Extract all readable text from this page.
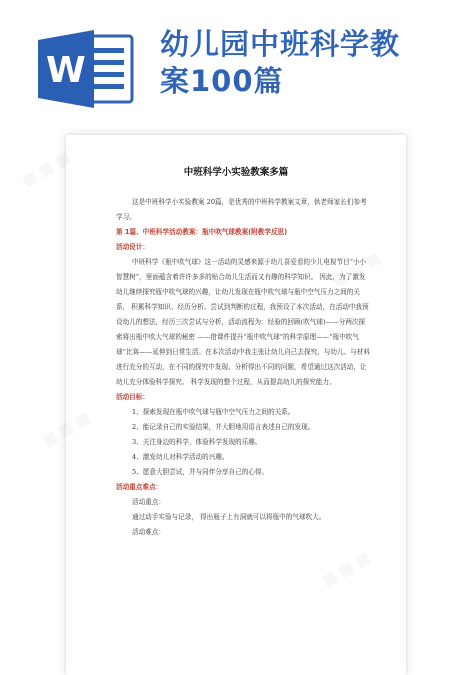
W
幼儿园中班科学教
案100篇
中班科学小实验教案多篇

这是中班科学小实验教案 20篇，是优秀的中班科学教案文章，供老师家长们参考学习。

第 1篇、中班科学活动教案：瓶中吹气球教案(附教学反思)

活动设计：

中班科学《瓶中吹气球》这一活动的灵感来源于幼儿喜爱看的少儿电视节目“小小智慧树”，里面蕴含着许许多多的贴合幼儿生活而又有趣的科学知识。 因此，为了激发幼儿继续探究瓶中吹气球的兴趣，让幼儿发现在瓶中吹气球与瓶中空气压力之间的关系， 积累科学知识、经历分析、尝试到判断的过程，我预设了本次活动，在活动中我预设幼儿的想法，经历三次尝试与分析，活动流程为：经验的回顾(吹气球)——分两次探索将出瓶中吹大气球的秘密 ——借课件提升“瓶中吹气球”的科学原理——“瓶中吹气球”比赛——延伸到日常生活。在本次活动中我主张让幼儿自己去探究，与幼儿、与材料进行充分的互动，在不同的探究中发现、分析得出不同的问题，希望通过这次活动，让幼儿充分体验科学探究、 科学发现的整个过程，从而提高幼儿的探究能力。

活动目标：

1、探索发现在瓶中吹气球与瓶中空气压力之间的关系。

2、能记录自己的实验结果，并大胆地用语言表述自己的发现。

3、关注身边的科学，体验科学发现的乐趣。

4、激发幼儿对科学活动的兴趣。

5、愿意大胆尝试，并与同伴分享自己的心得。

活动重点难点：

活动重点：

通过动手实验与记录， 得出瓶子上有洞就可以将瓶中的气球吹大。

活动难点：

▦ ▦ ▦
▦
